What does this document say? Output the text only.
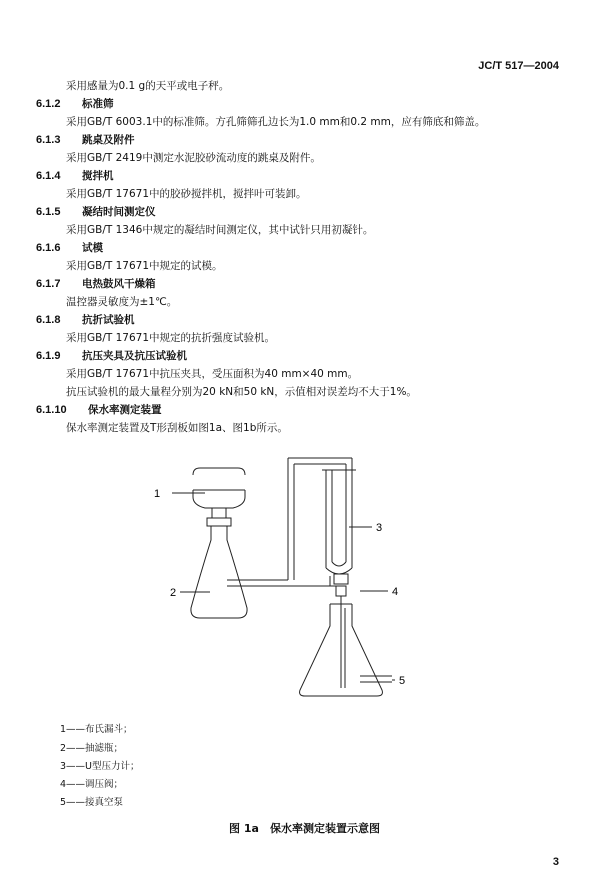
JC/T 517—2004
采用感量为0.1 g的天平或电子秤。
6.1.2 标准筛
采用GB/T 6003.1中的标准筛。方孔筛筛孔边长为1.0 mm和0.2 mm，应有筛底和筛盖。
6.1.3 跳桌及附件
采用GB/T 2419中测定水泥胶砂流动度的跳桌及附件。
6.1.4 搅拌机
采用GB/T 17671中的胶砂搅拌机，搅拌叶可装卸。
6.1.5 凝结时间测定仪
采用GB/T 1346中规定的凝结时间测定仪，其中试针只用初凝针。
6.1.6 试模
采用GB/T 17671中规定的试模。
6.1.7 电热鼓风干燥箱
温控器灵敏度为±1℃。
6.1.8 抗折试验机
采用GB/T 17671中规定的抗折强度试验机。
6.1.9 抗压夹具及抗压试验机
采用GB/T 17671中抗压夹具，受压面积为40 mm×40 mm。
抗压试验机的最大量程分别为20 kN和50 kN，示值相对误差均不大于1%。
6.1.10 保水率测定装置
保水率测定装置及T形刮板如图1a、图1b所示。
1
2
3
4
5
1——布氏漏斗；
2——抽滤瓶；
3——U型压力计；
4——调压阀；
5——接真空泵
图 1a　保水率测定装置示意图
3
